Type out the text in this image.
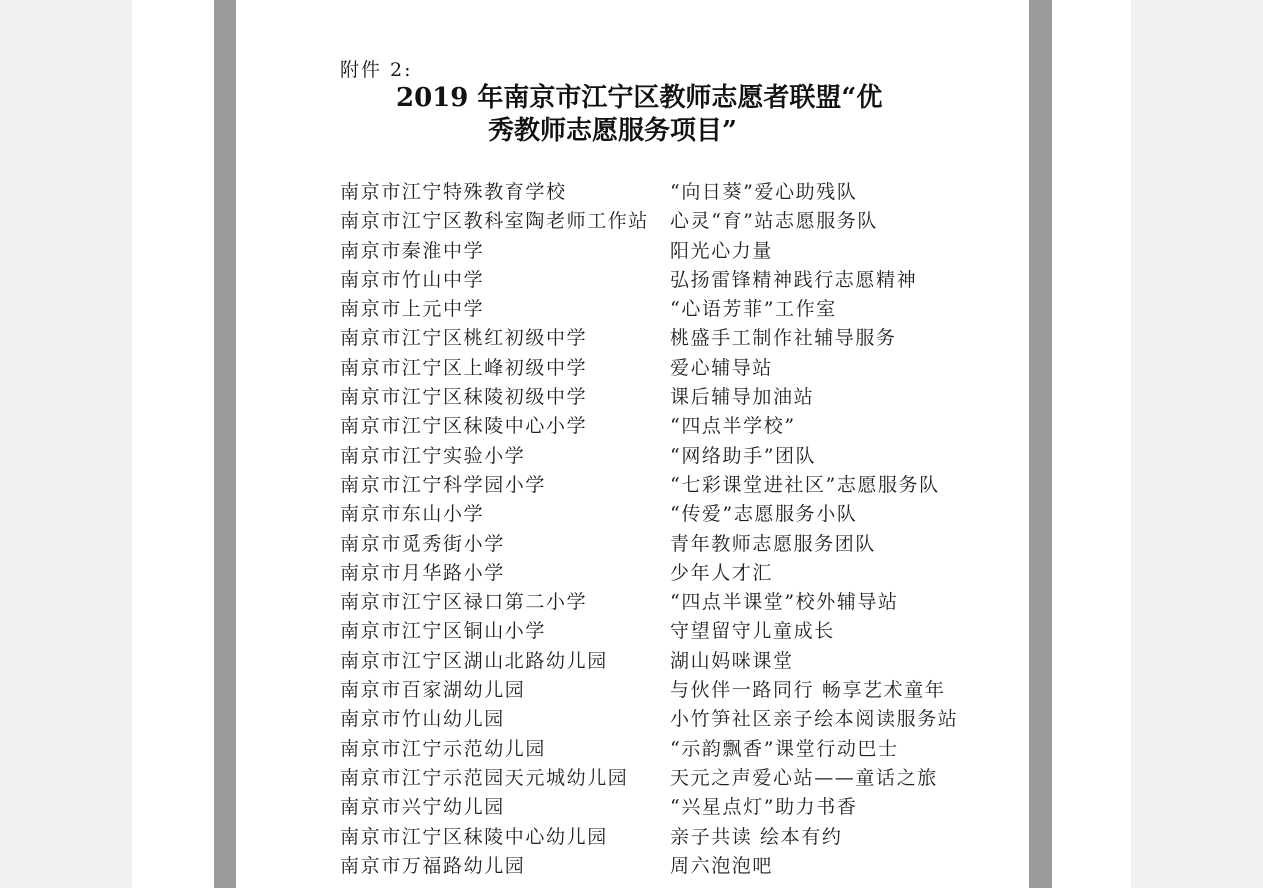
附件 2:
2019 年南京市江宁区教师志愿者联盟“优
秀教师志愿服务项目”
南京市江宁特殊教育学校	“向日葵”爱心助残队
南京市江宁区教科室陶老师工作站 心灵“育”站志愿服务队
南京市秦淮中学	阳光心力量
南京市竹山中学	弘扬雷锋精神践行志愿精神
南京市上元中学	“心语芳菲”工作室
南京市江宁区桃红初级中学	桃盛手工制作社辅导服务
南京市江宁区上峰初级中学	爱心辅导站
南京市江宁区秣陵初级中学	课后辅导加油站
南京市江宁区秣陵中心小学	“四点半学校”
南京市江宁实验小学	“网络助手”团队
南京市江宁科学园小学	“七彩课堂进社区”志愿服务队
南京市东山小学	“传爱”志愿服务小队
南京市觅秀街小学	青年教师志愿服务团队
南京市月华路小学	少年人才汇
南京市江宁区禄口第二小学	“四点半课堂”校外辅导站
南京市江宁区铜山小学	守望留守儿童成长
南京市江宁区湖山北路幼儿园	湖山妈咪课堂
南京市百家湖幼儿园	与伙伴一路同行 畅享艺术童年
南京市竹山幼儿园	小竹笋社区亲子绘本阅读服务站
南京市江宁示范幼儿园	“示韵飘香”课堂行动巴士
南京市江宁示范园天元城幼儿园 天元之声爱心站——童话之旅
南京市兴宁幼儿园	“兴星点灯”助力书香
南京市江宁区秣陵中心幼儿园	亲子共读 绘本有约
南京市万福路幼儿园	周六泡泡吧
